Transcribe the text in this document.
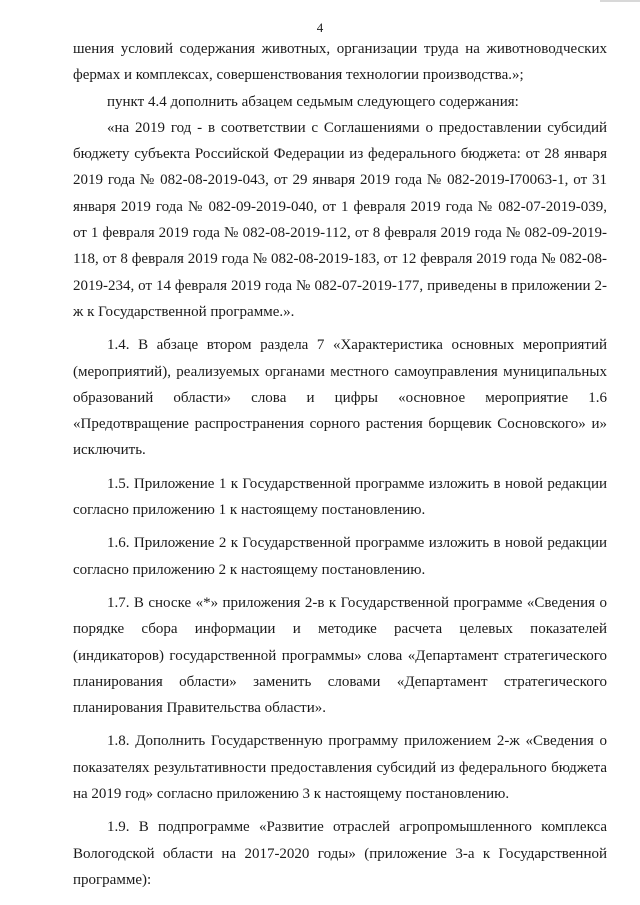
4

шения условий содержания животных, организации труда на животноводческих фермах и комплексах, совершенствования технологии производства.»;

пункт 4.4 дополнить абзацем седьмым следующего содержания:

«на 2019 год - в соответствии с Соглашениями о предоставлении субсидий бюджету субъекта Российской Федерации из федерального бюджета: от 28 января 2019 года № 082-08-2019-043, от 29 января 2019 года № 082-2019-I70063-1, от 31 января 2019 года № 082-09-2019-040, от 1 февраля 2019 года № 082-07-2019-039, от 1 февраля 2019 года № 082-08-2019-112, от 8 февраля 2019 года № 082-09-2019-118, от 8 февраля 2019 года № 082-08-2019-183, от 12 февраля 2019 года № 082-08-2019-234, от 14 февраля 2019 года № 082-07-2019-177, приведены в приложении 2-ж к Государственной программе.».

1.4. В абзаце втором раздела 7 «Характеристика основных мероприятий (мероприятий), реализуемых органами местного самоуправления муниципальных образований области» слова и цифры «основное мероприятие 1.6 «Предотвращение распространения сорного растения борщевик Сосновского» и» исключить.

1.5. Приложение 1 к Государственной программе изложить в новой редакции согласно приложению 1 к настоящему постановлению.

1.6. Приложение 2 к Государственной программе изложить в новой редакции согласно приложению 2 к настоящему постановлению.

1.7. В сноске «*» приложения 2-в к Государственной программе «Сведения о порядке сбора информации и методике расчета целевых показателей (индикаторов) государственной программы» слова «Департамент стратегического планирования области» заменить словами «Департамент стратегического планирования Правительства области».

1.8. Дополнить Государственную программу приложением 2-ж «Сведения о показателях результативности предоставления субсидий из федерального бюджета на 2019 год» согласно приложению 3 к настоящему постановлению.

1.9. В подпрограмме «Развитие отраслей агропромышленного комплекса Вологодской области на 2017-2020 годы» (приложение 3-а к Государственной программе):
